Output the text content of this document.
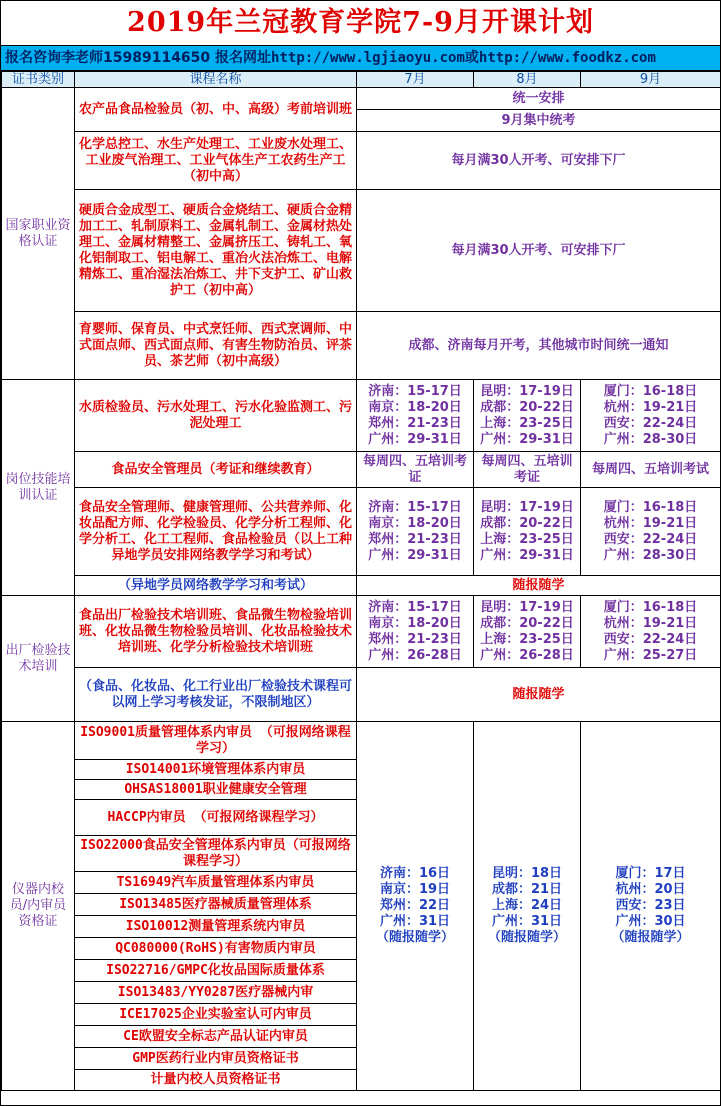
2019年兰冠教育学院7-9月开课计划
报名咨询李老师15989114650 报名网址http://www.lgjiaoyu.com或http://www.foodkz.com
证书类别	课程名称	7月	8月	9月
国家职业资格认证	农产品食品检验员（初、中、高级）考前培训班	统一安排		
		9月集中统考		
	化学总控工、水生产处理工、工业废水处理工、工业废气治理工、工业气体生产工农药生产工（初中高）	每月满30人开考、可安排下厂		
	硬质合金成型工、硬质合金烧结工、硬质合金精加工工、轧制原料工、金属轧制工、金属材热处理工、金属材精整工、金属挤压工、铸轧工、氧化铝制取工、铝电解工、重冶火法冶炼工、电解精炼工、重冶湿法冶炼工、井下支护工、矿山救护工（初中高）	每月满30人开考、可安排下厂		
	育婴师、保育员、中式烹饪师、西式烹调师、中式面点师、西式面点师、有害生物防治员、评茶员、茶艺师（初中高级）	成都、济南每月开考，其他城市时间统一通知		
岗位技能培训认证	水质检验员、污水处理工、污水化验监测工、污泥处理工	济南：15-17日
南京：18-20日
郑州：21-23日
广州：29-31日	昆明：17-19日
成都：20-22日
上海：23-25日
广州：29-31日	厦门：16-18日
杭州：19-21日
西安：22-24日
广州：28-30日
	食品安全管理员（考证和继续教育）	每周四、五培训考证	每周四、五培训考证	每周四、五培训考试
	食品安全管理师、健康管理师、公共营养师、化妆品配方师、化学检验员、化学分析工程师、化学分析工、化工工程师、食品检验员（以上工种异地学员安排网络教学学习和考试）	济南：15-17日
南京：18-20日
郑州：21-23日
广州：29-31日	昆明：17-19日
成都：20-22日
上海：23-25日
广州：29-31日	厦门：16-18日
杭州：19-21日
西安：22-24日
广州：28-30日
	（异地学员网络教学学习和考试）	随报随学		
出厂检验技术培训	食品出厂检验技术培训班、食品微生物检验培训班、化妆品微生物检验员培训、化妆品检验技术培训班、化学分析检验技术培训班	济南：15-17日
南京：18-20日
郑州：21-23日
广州：26-28日	昆明：17-19日
成都：20-22日
上海：23-25日
广州：26-28日	厦门：16-18日
杭州：19-21日
西安：22-24日
广州：25-27日
	（食品、化妆品、化工行业出厂检验技术课程可以网上学习考核发证，不限制地区）	随报随学		
仪器内校员/内审员资格证	ISO9001质量管理体系内审员 （可报网络课程学习）	济南：16日
南京：19日
郑州：22日
广州：31日
（随报随学）	昆明：18日
成都：21日
上海：24日
广州：31日
（随报随学）	厦门：17日
杭州：20日
西安：23日
广州：30日
（随报随学）
	ISO14001环境管理体系内审员			
	OHSAS18001职业健康安全管理			
	HACCP内审员 （可报网络课程学习）			
	ISO22000食品安全管理体系内审员（可报网络课程学习）			
	TS16949汽车质量管理体系内审员			
	ISO13485医疗器械质量管理体系			
	ISO10012测量管理系统内审员			
	QC080000(RoHS)有害物质内审员			
	ISO22716/GMPC化妆品国际质量体系			
	ISO13483/YY0287医疗器械内审			
	ICE17025企业实验室认可内审员			
	CE欧盟安全标志产品认证内审员			
	GMP医药行业内审员资格证书			
	计量内校人员资格证书			
